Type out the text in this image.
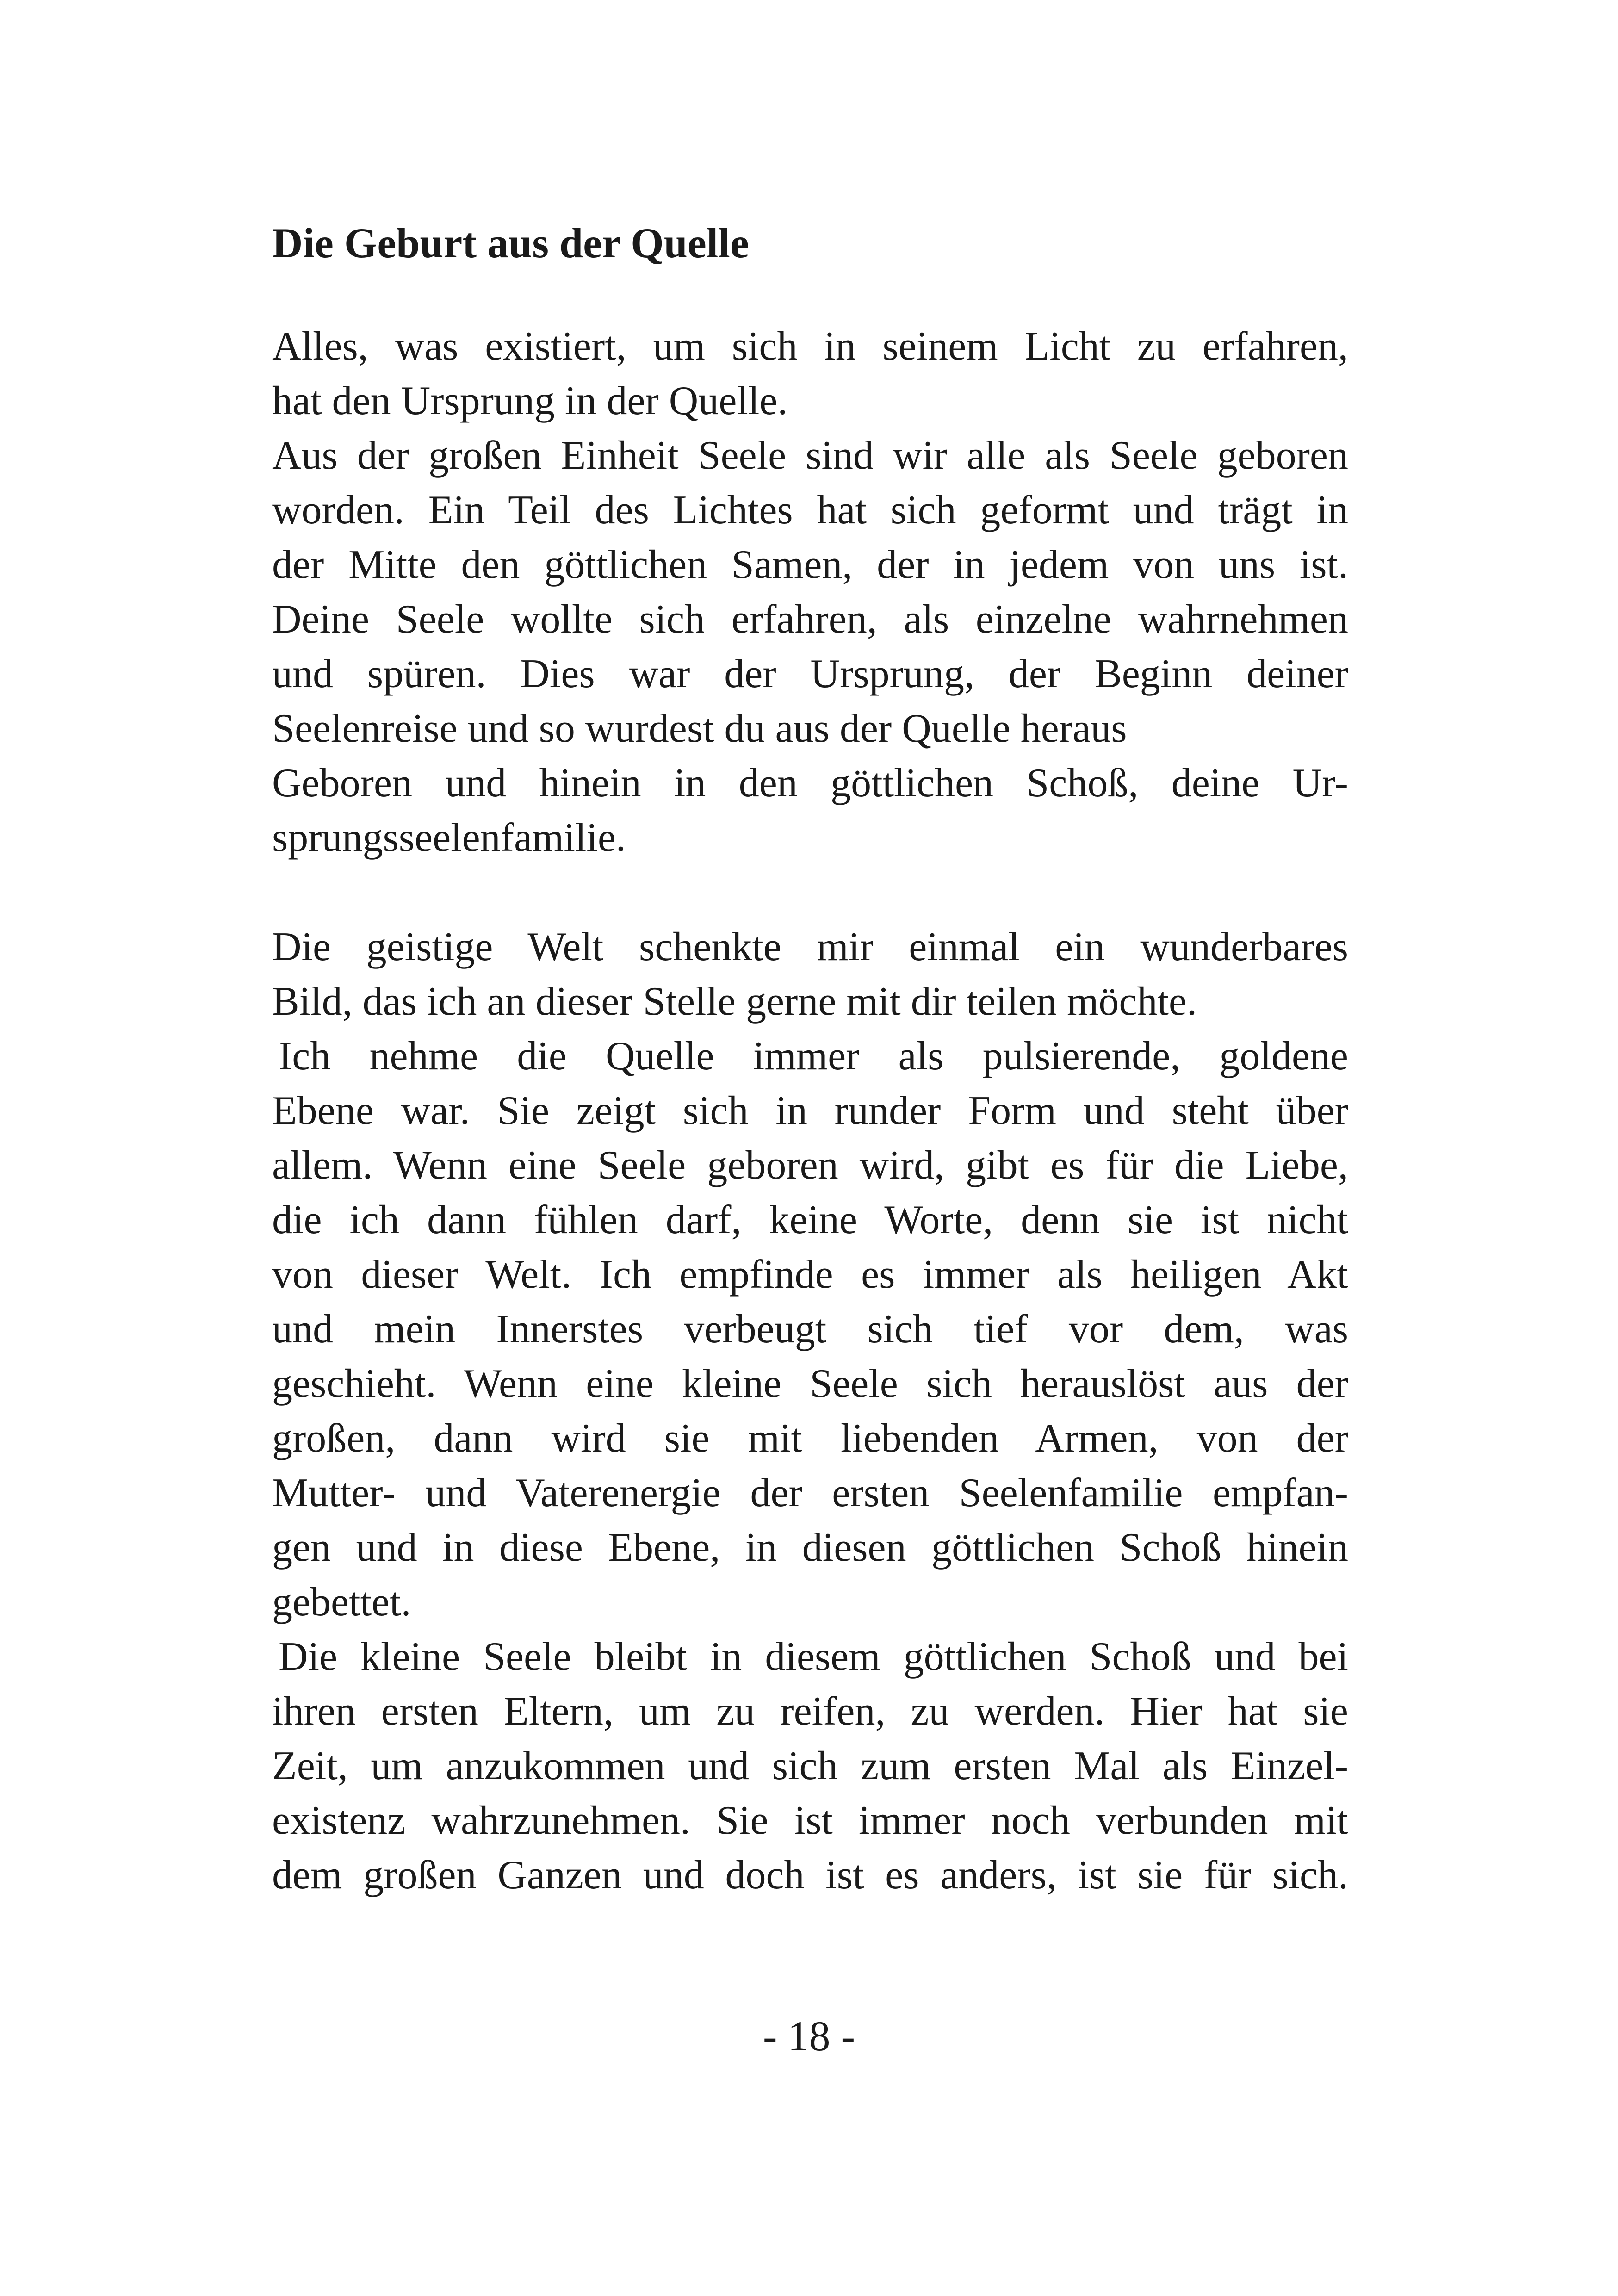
Die Geburt aus der Quelle
Alles, was existiert, um sich in seinem Licht zu erfahren,
hat den Ursprung in der Quelle.
Aus der großen Einheit Seele sind wir alle als Seele geboren
worden. Ein Teil des Lichtes hat sich geformt und trägt in
der Mitte den göttlichen Samen, der in jedem von uns ist.
Deine Seele wollte sich erfahren, als einzelne wahrnehmen
und spüren. Dies war der Ursprung, der Beginn deiner
Seelenreise und so wurdest du aus der Quelle heraus
Geboren und hinein in den göttlichen Schoß, deine Ur-
sprungsseelenfamilie.
Die geistige Welt schenkte mir einmal ein wunderbares
Bild, das ich an dieser Stelle gerne mit dir teilen möchte.
Ich nehme die Quelle immer als pulsierende, goldene
Ebene war. Sie zeigt sich in runder Form und steht über
allem. Wenn eine Seele geboren wird, gibt es für die Liebe,
die ich dann fühlen darf, keine Worte, denn sie ist nicht
von dieser Welt. Ich empfinde es immer als heiligen Akt
und mein Innerstes verbeugt sich tief vor dem, was
geschieht. Wenn eine kleine Seele sich herauslöst aus der
großen, dann wird sie mit liebenden Armen, von der
Mutter- und Vaterenergie der ersten Seelenfamilie empfan-
gen und in diese Ebene, in diesen göttlichen Schoß hinein
gebettet.
Die kleine Seele bleibt in diesem göttlichen Schoß und bei
ihren ersten Eltern, um zu reifen, zu werden. Hier hat sie
Zeit, um anzukommen und sich zum ersten Mal als Einzel-
existenz wahrzunehmen. Sie ist immer noch verbunden mit
dem großen Ganzen und doch ist es anders, ist sie für sich.
- 18 -
